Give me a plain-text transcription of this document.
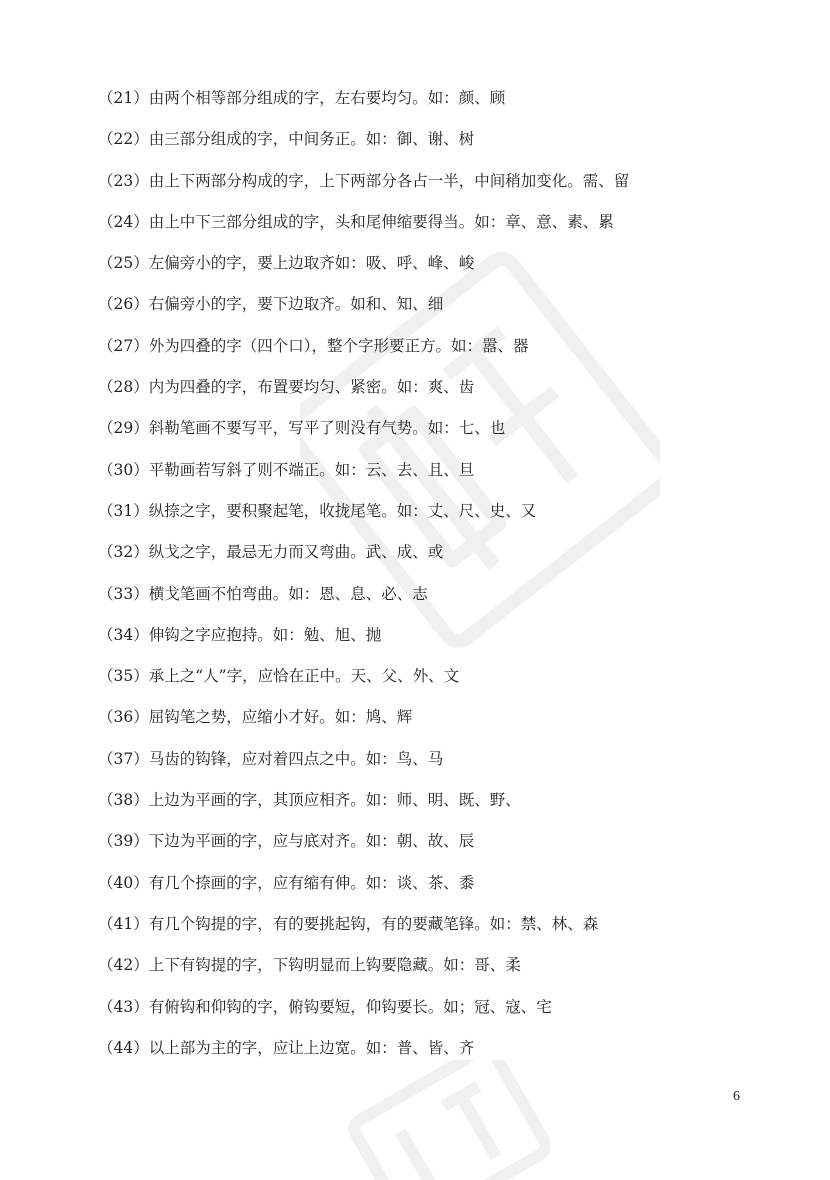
（21）由两个相等部分组成的字，左右要均匀。如：颜、顾
（22）由三部分组成的字，中间务正。如：御、谢、树
（23）由上下两部分构成的字，上下两部分各占一半，中间稍加变化。需、留
（24）由上中下三部分组成的字，头和尾伸缩要得当。如：章、意、素、累
（25）左偏旁小的字，要上边取齐如：吸、呼、峰、峻
（26）右偏旁小的字，要下边取齐。如和、知、细
（27）外为四叠的字（四个口），整个字形要正方。如：嚣、器
（28）内为四叠的字，布置要均匀、紧密。如：爽、齿
（29）斜勒笔画不要写平，写平了则没有气势。如：七、也
（30）平勒画若写斜了则不端正。如：云、去、且、旦
（31）纵捺之字，要积聚起笔，收拢尾笔。如：丈、尺、史、又
（32）纵戈之字，最忌无力而又弯曲。武、成、或
（33）横戈笔画不怕弯曲。如：恩、息、必、志
（34）伸钩之字应抱持。如：勉、旭、抛
（35）承上之“人”字，应恰在正中。天、父、外、文
（36）屈钩笔之势，应缩小才好。如：鸠、辉
（37）马齿的钩锋，应对着四点之中。如：鸟、马
（38）上边为平画的字，其顶应相齐。如：师、明、既、野、
（39）下边为平画的字，应与底对齐。如：朝、故、辰
（40）有几个捺画的字，应有缩有伸。如：谈、茶、黍
（41）有几个钩提的字，有的要挑起钩，有的要藏笔锋。如：禁、林、森
（42）上下有钩提的字，下钩明显而上钩要隐藏。如：哥、柔
（43）有俯钩和仰钩的字，俯钩要短，仰钩要长。如；冠、寇、宅
（44）以上部为主的字，应让上边宽。如：普、皆、齐
6
